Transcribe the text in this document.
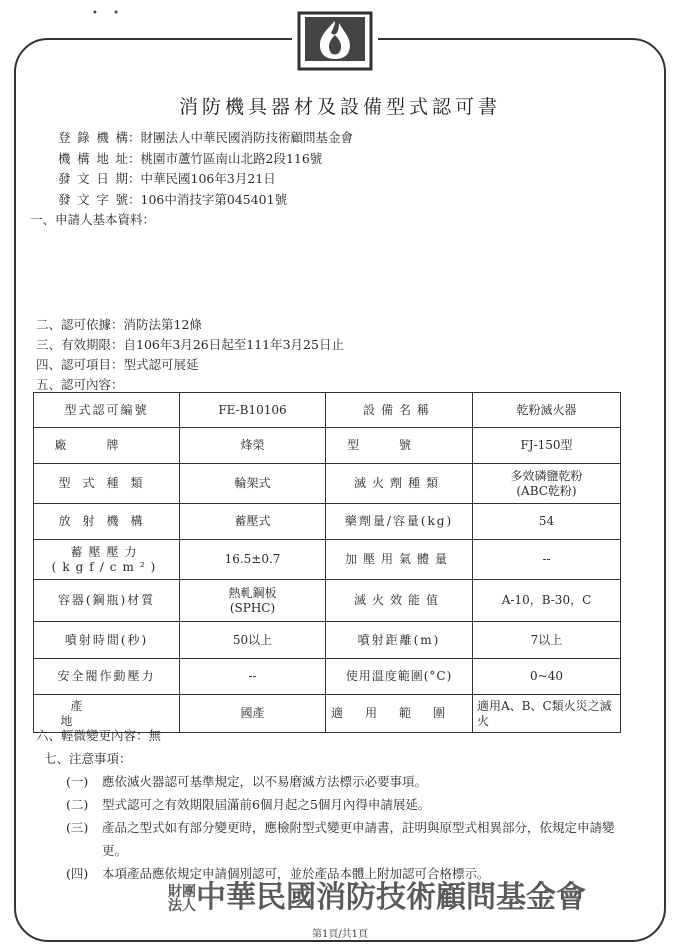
• •
TFTF
消防機具器材及設備型式認可書
登錄機構 ： 財團法人中華民國消防技術顧問基金會
機構地址 ： 桃園市蘆竹區南山北路2段116號
發文日期 ： 中華民國106年3月21日
發文字號 ： 106中消技字第045401號
一、申請人基本資料：
二、認可依據：消防法第12條
三、有效期限：自106年3月26日起至111年3月25日止
四、認可項目：型式認可展延
五、認可內容：
型式認可編號	FE-B10106	設備名稱	乾粉滅火器
廠牌	烽榮	型號	FJ-150型
型式種類	輪架式	滅火劑種類	多效磷鹽乾粉
(ABC乾粉)
放射機構	蓄壓式	藥劑量/容量(kg)	54
蓄壓壓力
(kgf/cm²)	16.5±0.7	加壓用氣體量	--
容器(鋼瓶)材質	熱軋鋼板
(SPHC)	滅火效能值	A-10，B-30，C
噴射時間(秒)	50以上	噴射距離(m)	7以上
安全閥作動壓力	--	使用溫度範圍(°C)	0~40
產地	國產	適用範圍	適用A、B、C類火災之滅火
六、輕微變更內容：無
七、注意事項：
(一)	應依滅火器認可基準規定，以不易磨滅方法標示必要事項。
(二)	型式認可之有效期限屆滿前6個月起之5個月內得申請展延。
(三)	產品之型式如有部分變更時，應檢附型式變更申請書，註明與原型式相異部分，依規定申請變更。
(四)	本項產品應依規定申請個別認可，並於產品本體上附加認可合格標示。
財團法人中華民國消防技術顧問基金會
第1頁/共1頁
